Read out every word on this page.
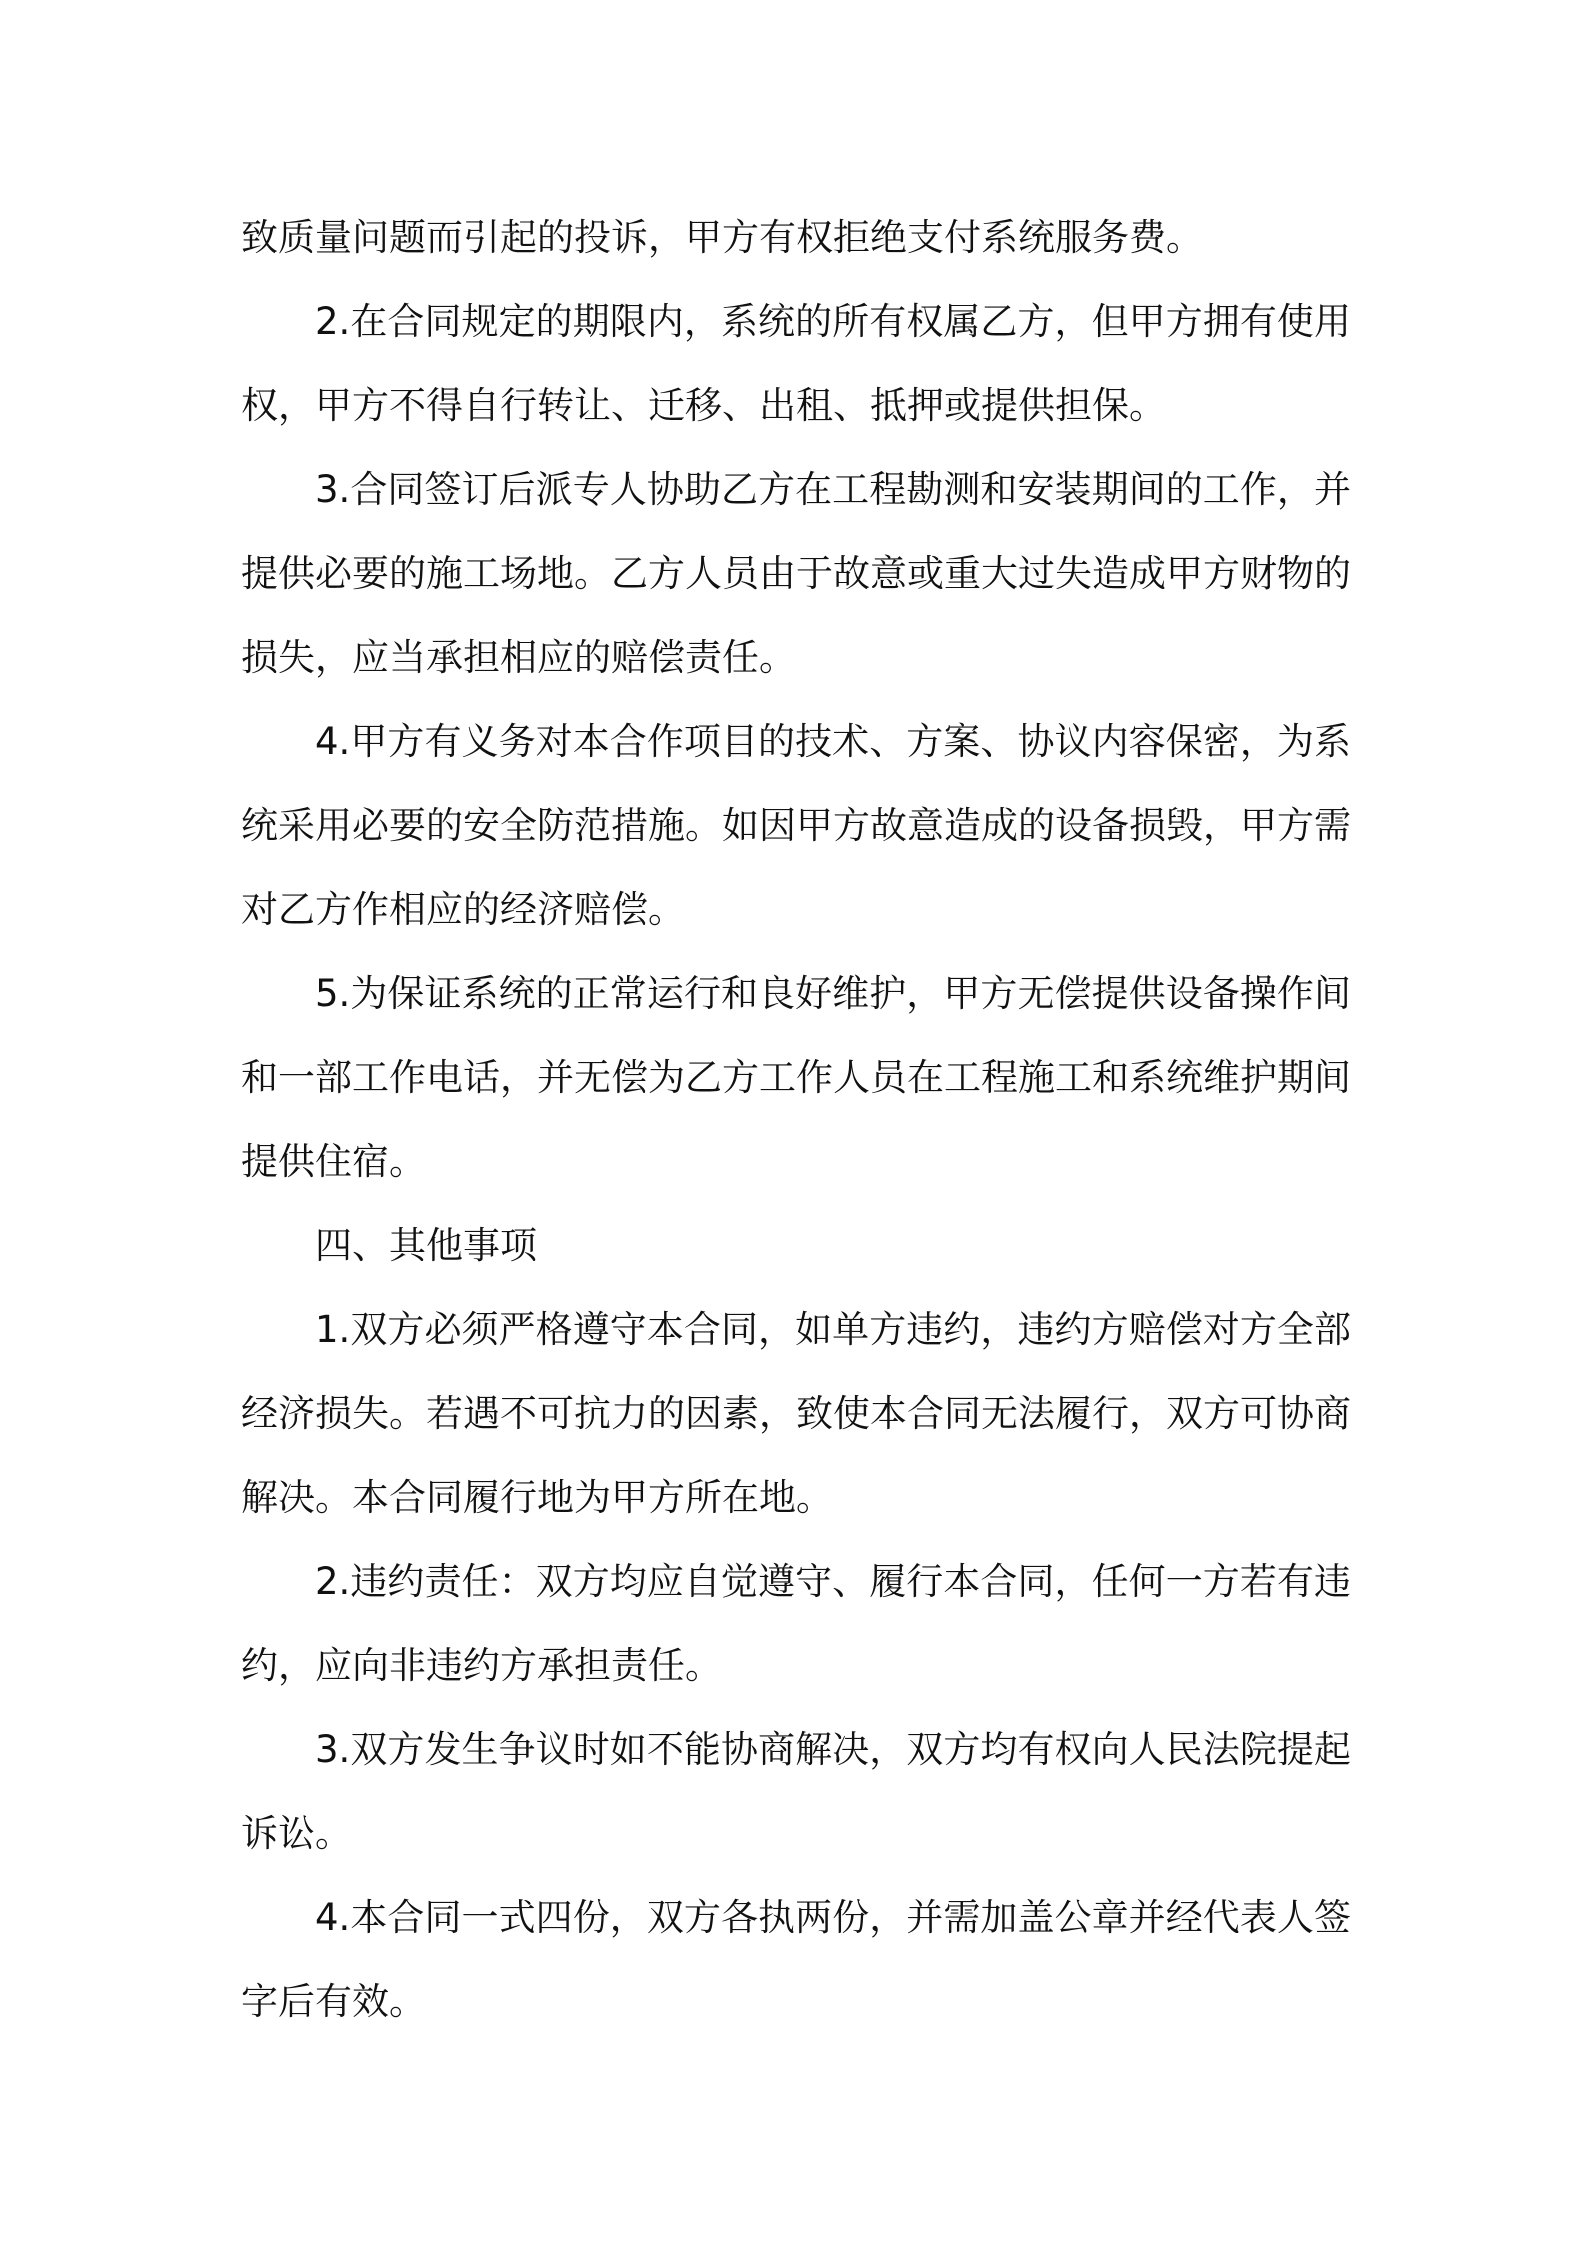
致质量问题而引起的投诉，甲方有权拒绝支付系统服务费。

2.在合同规定的期限内，系统的所有权属乙方，但甲方拥有使用权，甲方不得自行转让、迁移、出租、抵押或提供担保。

3.合同签订后派专人协助乙方在工程勘测和安装期间的工作，并提供必要的施工场地。乙方人员由于故意或重大过失造成甲方财物的损失，应当承担相应的赔偿责任。

4.甲方有义务对本合作项目的技术、方案、协议内容保密，为系统采用必要的安全防范措施。如因甲方故意造成的设备损毁，甲方需对乙方作相应的经济赔偿。

5.为保证系统的正常运行和良好维护，甲方无偿提供设备操作间和一部工作电话，并无偿为乙方工作人员在工程施工和系统维护期间提供住宿。

四、其他事项

1.双方必须严格遵守本合同，如单方违约，违约方赔偿对方全部经济损失。若遇不可抗力的因素，致使本合同无法履行，双方可协商解决。本合同履行地为甲方所在地。

2.违约责任：双方均应自觉遵守、履行本合同，任何一方若有违约，应向非违约方承担责任。

3.双方发生争议时如不能协商解决，双方均有权向人民法院提起诉讼。

4.本合同一式四份，双方各执两份，并需加盖公章并经代表人签字后有效。
